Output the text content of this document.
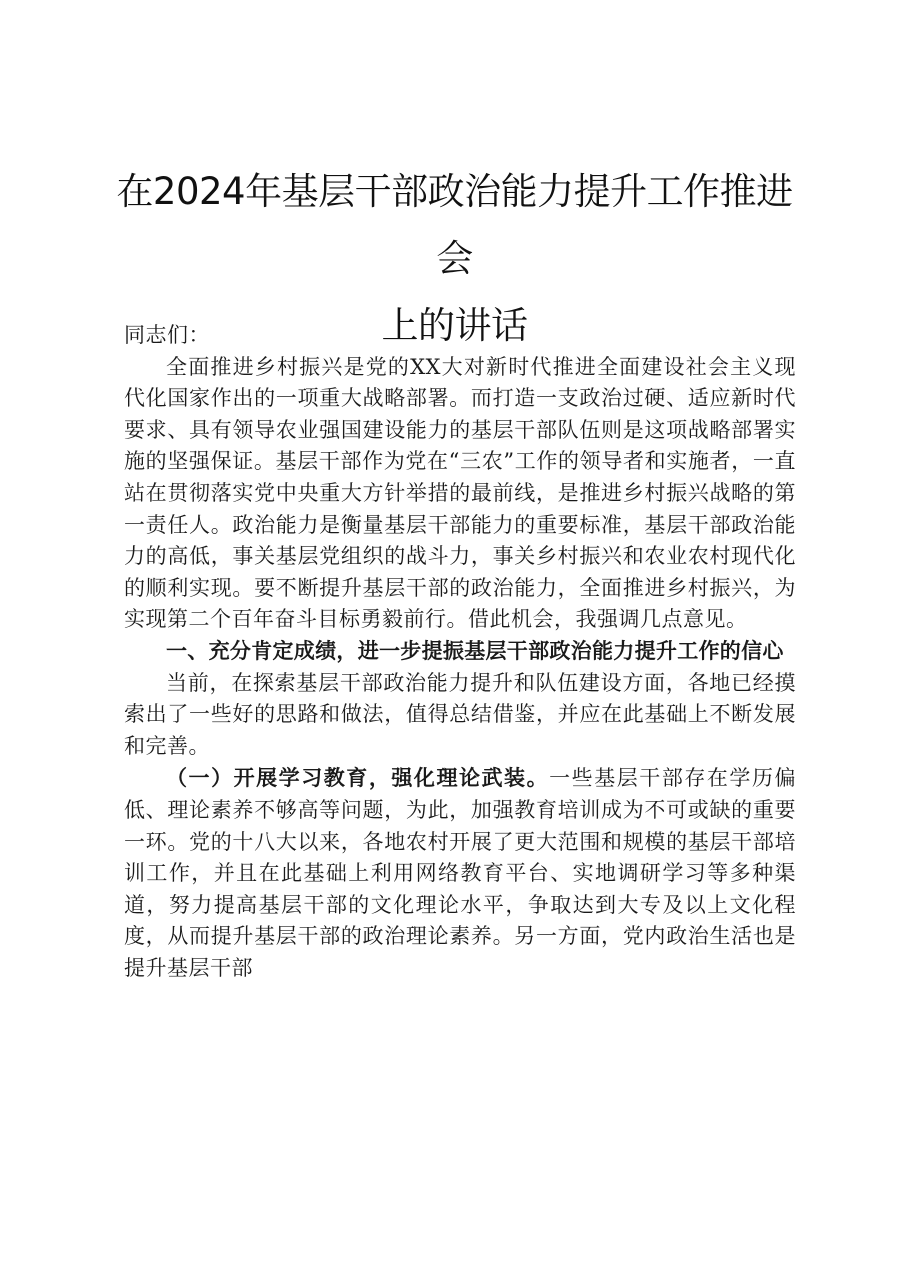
在2024年基层干部政治能力提升工作推进会
上的讲话

同志们：

全面推进乡村振兴是党的XX大对新时代推进全面建设社会主义现代化国家作出的一项重大战略部署。而打造一支政治过硬、适应新时代要求、具有领导农业强国建设能力的基层干部队伍则是这项战略部署实施的坚强保证。基层干部作为党在“三农”工作的领导者和实施者，一直站在贯彻落实党中央重大方针举措的最前线，是推进乡村振兴战略的第一责任人。政治能力是衡量基层干部能力的重要标准，基层干部政治能力的高低，事关基层党组织的战斗力，事关乡村振兴和农业农村现代化的顺利实现。要不断提升基层干部的政治能力，全面推进乡村振兴，为实现第二个百年奋斗目标勇毅前行。借此机会，我强调几点意见。

一、充分肯定成绩，进一步提振基层干部政治能力提升工作的信心

当前，在探索基层干部政治能力提升和队伍建设方面，各地已经摸索出了一些好的思路和做法，值得总结借鉴，并应在此基础上不断发展和完善。

（一）开展学习教育，强化理论武装。一些基层干部存在学历偏低、理论素养不够高等问题，为此，加强教育培训成为不可或缺的重要一环。党的十八大以来，各地农村开展了更大范围和规模的基层干部培训工作，并且在此基础上利用网络教育平台、实地调研学习等多种渠道，努力提高基层干部的文化理论水平，争取达到大专及以上文化程度，从而提升基层干部的政治理论素养。另一方面，党内政治生活也是提升基层干部
